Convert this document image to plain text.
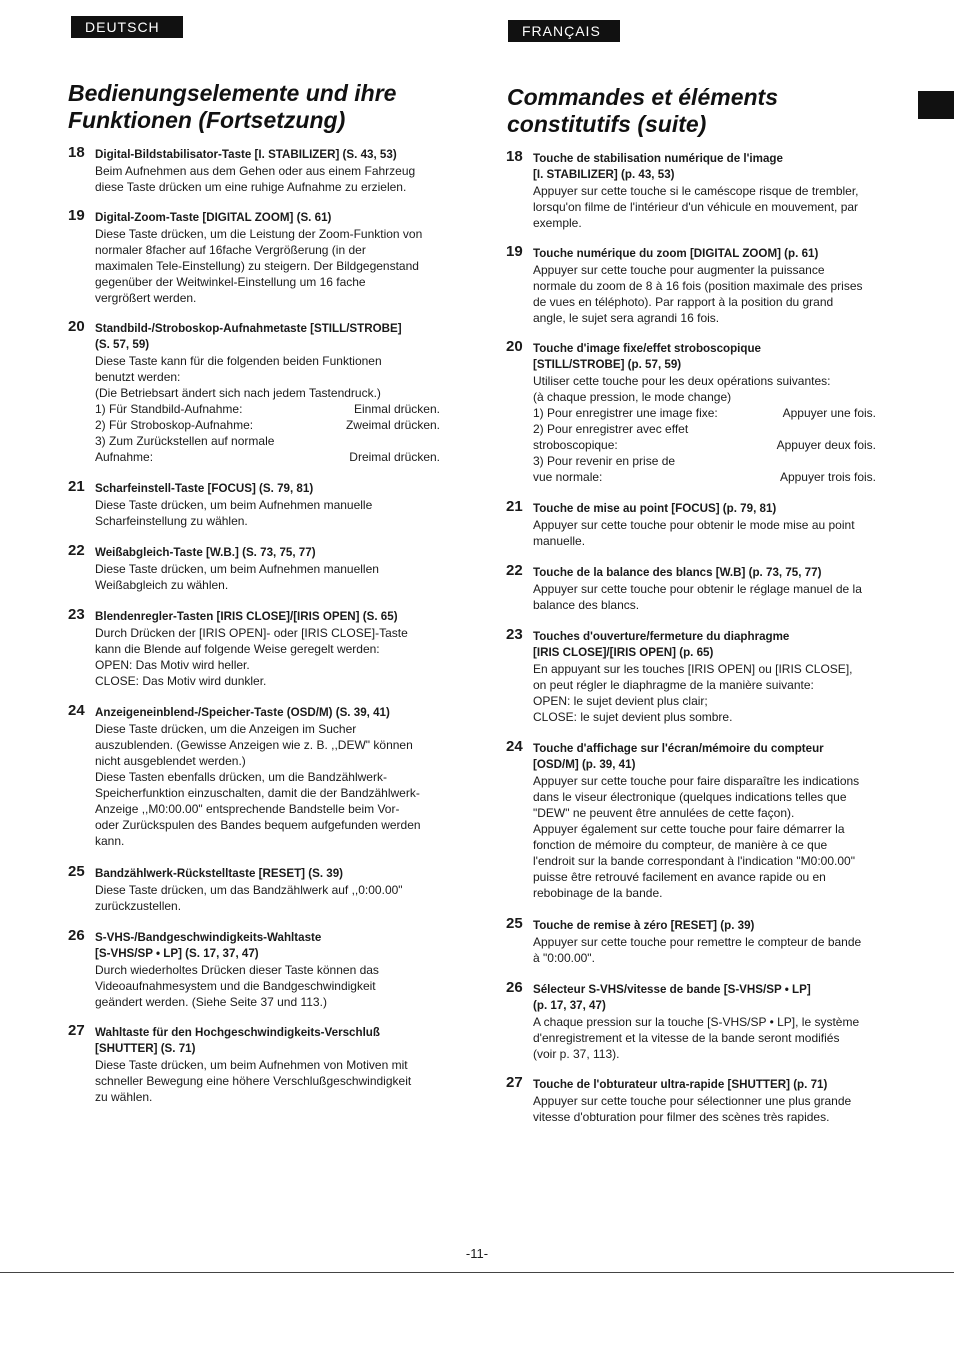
DEUTSCH	FRANÇAIS
Bedienungselemente und ihre
Funktionen (Fortsetzung)
Commandes et éléments
constitutifs (suite)
18 Digital-Bildstabilisator-Taste [I. STABILIZER] (S. 43, 53)
Beim Aufnehmen aus dem Gehen oder aus einem Fahrzeug
diese Taste drücken um eine ruhige Aufnahme zu erzielen.
19 Digital-Zoom-Taste [DIGITAL ZOOM] (S. 61)
Diese Taste drücken, um die Leistung der Zoom-Funktion von
normaler 8facher auf 16fache Vergrößerung (in der
maximalen Tele-Einstellung) zu steigern. Der Bildgegenstand
gegenüber der Weitwinkel-Einstellung um 16 fache
vergrößert werden.
20 Standbild-/Stroboskop-Aufnahmetaste [STILL/STROBE]
(S. 57, 59)
Diese Taste kann für die folgenden beiden Funktionen
benutzt werden:
(Die Betriebsart ändert sich nach jedem Tastendruck.)
1) Für Standbild-Aufnahme:	Einmal drücken.
2) Für Stroboskop-Aufnahme:	Zweimal drücken.
3) Zum Zurückstellen auf normale
Aufnahme:	Dreimal drücken.
21 Scharfeinstell-Taste [FOCUS] (S. 79, 81)
Diese Taste drücken, um beim Aufnehmen manuelle
Scharfeinstellung zu wählen.
22 Weißabgleich-Taste [W.B.] (S. 73, 75, 77)
Diese Taste drücken, um beim Aufnehmen manuellen
Weißabgleich zu wählen.
23 Blendenregler-Tasten [IRIS CLOSE]/[IRIS OPEN] (S. 65)
Durch Drücken der [IRIS OPEN]- oder [IRIS CLOSE]-Taste
kann die Blende auf folgende Weise geregelt werden:
OPEN: Das Motiv wird heller.
CLOSE: Das Motiv wird dunkler.
24 Anzeigeneinblend-/Speicher-Taste (OSD/M) (S. 39, 41)
Diese Taste drücken, um die Anzeigen im Sucher
auszublenden. (Gewisse Anzeigen wie z. B. ,,DEW" können
nicht ausgeblendet werden.)
Diese Tasten ebenfalls drücken, um die Bandzählwerk-
Speicherfunktion einzuschalten, damit die der Bandzählwerk-
Anzeige ,,M0:00.00" entsprechende Bandstelle beim Vor-
oder Zurückspulen des Bandes bequem aufgefunden werden
kann.
25 Bandzählwerk-Rückstelltaste [RESET] (S. 39)
Diese Taste drücken, um das Bandzählwerk auf ,,0:00.00"
zurückzustellen.
26 S-VHS-/Bandgeschwindigkeits-Wahltaste
[S-VHS/SP • LP] (S. 17, 37, 47)
Durch wiederholtes Drücken dieser Taste können das
Videoaufnahmesystem und die Bandgeschwindigkeit
geändert werden. (Siehe Seite 37 und 113.)
27 Wahltaste für den Hochgeschwindigkeits-Verschluß
[SHUTTER] (S. 71)
Diese Taste drücken, um beim Aufnehmen von Motiven mit
schneller Bewegung eine höhere Verschlußgeschwindigkeit
zu wählen.
18 Touche de stabilisation numérique de l'image
[I. STABILIZER] (p. 43, 53)
Appuyer sur cette touche si le caméscope risque de trembler,
lorsqu'on filme de l'intérieur d'un véhicule en mouvement, par
exemple.
19 Touche numérique du zoom [DIGITAL ZOOM] (p. 61)
Appuyer sur cette touche pour augmenter la puissance
normale du zoom de 8 à 16 fois (position maximale des prises
de vues en téléphoto). Par rapport à la position du grand
angle, le sujet sera agrandi 16 fois.
20 Touche d'image fixe/effet stroboscopique
[STILL/STROBE] (p. 57, 59)
Utiliser cette touche pour les deux opérations suivantes:
(à chaque pression, le mode change)
1) Pour enregistrer une image fixe:	Appuyer une fois.
2) Pour enregistrer avec effet
stroboscopique:	Appuyer deux fois.
3) Pour revenir en prise de
vue normale:	Appuyer trois fois.
21 Touche de mise au point [FOCUS] (p. 79, 81)
Appuyer sur cette touche pour obtenir le mode mise au point
manuelle.
22 Touche de la balance des blancs [W.B] (p. 73, 75, 77)
Appuyer sur cette touche pour obtenir le réglage manuel de la
balance des blancs.
23 Touches d'ouverture/fermeture du diaphragme
[IRIS CLOSE]/[IRIS OPEN] (p. 65)
En appuyant sur les touches [IRIS OPEN] ou [IRIS CLOSE],
on peut régler le diaphragme de la manière suivante:
OPEN: le sujet devient plus clair;
CLOSE: le sujet devient plus sombre.
24 Touche d'affichage sur l'écran/mémoire du compteur
[OSD/M] (p. 39, 41)
Appuyer sur cette touche pour faire disparaître les indications
dans le viseur électronique (quelques indications telles que
"DEW" ne peuvent être annulées de cette façon).
Appuyer également sur cette touche pour faire démarrer la
fonction de mémoire du compteur, de manière à ce que
l'endroit sur la bande correspondant à l'indication "M0:00.00"
puisse être retrouvé facilement en avance rapide ou en
rebobinage de la bande.
25 Touche de remise à zéro [RESET] (p. 39)
Appuyer sur cette touche pour remettre le compteur de bande
à "0:00.00".
26 Sélecteur S-VHS/vitesse de bande [S-VHS/SP • LP]
(p. 17, 37, 47)
A chaque pression sur la touche [S-VHS/SP • LP], le système
d'enregistrement et la vitesse de la bande seront modifiés
(voir p. 37, 113).
27 Touche de l'obturateur ultra-rapide [SHUTTER] (p. 71)
Appuyer sur cette touche pour sélectionner une plus grande
vitesse d'obturation pour filmer des scènes très rapides.
-11-
